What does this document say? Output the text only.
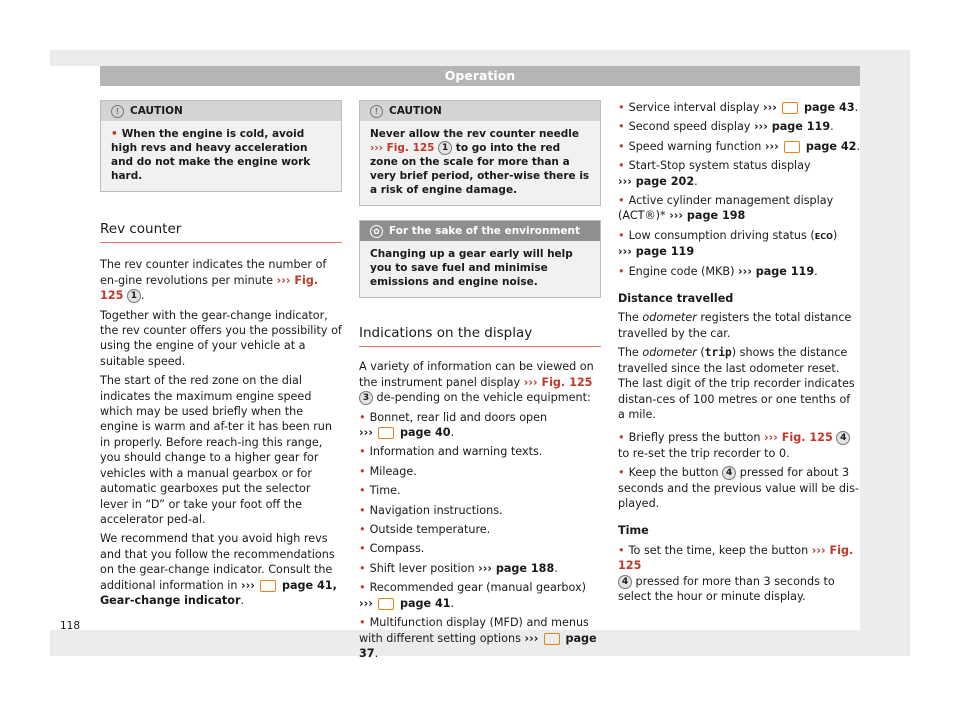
Operation
!	CAUTION
• When the engine is cold, avoid high revs and heavy acceleration and do not make the engine work hard.
Rev counter

The rev counter indicates the number of en-gine revolutions per minute ››› Fig. 125 1 .

Together with the gear-change indicator, the rev counter offers you the possibility of using the engine of your vehicle at a suitable speed.

The start of the red zone on the dial indicates the maximum engine speed which may be used briefly when the engine is warm and af-ter it has been run in properly. Before reach-ing this range, you should change to a higher gear for vehicles with a manual gearbox or for automatic gearboxes put the selector lever in “D” or take your foot off the accelerator ped-al.

We recommend that you avoid high revs and that you follow the recommendations on the gear-change indicator. Consult the additional information in ››› page 41, Gear-change indicator.

!	CAUTION
Never allow the rev counter needle ››› Fig. 125 1 to go into the red zone on the scale for more than a very brief period, other-wise there is a risk of engine damage.
✿ For the sake of the environment
Changing up a gear early will help you to save fuel and minimise emissions and engine noise.
Indications on the display

A variety of information can be viewed on the instrument panel display ››› Fig. 125 3 de-pending on the vehicle equipment:

• Bonnet, rear lid and doors open
››› page 40.

• Information and warning texts.

• Mileage.

• Time.

• Navigation instructions.

• Outside temperature.

• Compass.

• Shift lever position ››› page 188.

• Recommended gear (manual gearbox)
››› page 41.

• Multifunction display (MFD) and menus with different setting options ››› page 37.

• Service interval display ››› page 43.

• Second speed display ››› page 119.

• Speed warning function ››› page 42.

• Start-Stop system status display
››› page 202.

• Active cylinder management display (ACT®)* ››› page 198

• Low consumption driving status (ECO)
››› page 119

• Engine code (MKB) ››› page 119.

Distance travelled

The odometer registers the total distance travelled by the car.

The odometer (trip) shows the distance travelled since the last odometer reset. The last digit of the trip recorder indicates distan-ces of 100 metres or one tenths of a mile.

• Briefly press the button ››› Fig. 125 4 to re-set the trip recorder to 0.

• Keep the button 4 pressed for about 3 seconds and the previous value will be dis-played.

Time

• To set the time, keep the button ››› Fig. 125
4 pressed for more than 3 seconds to select the hour or minute display.

118
